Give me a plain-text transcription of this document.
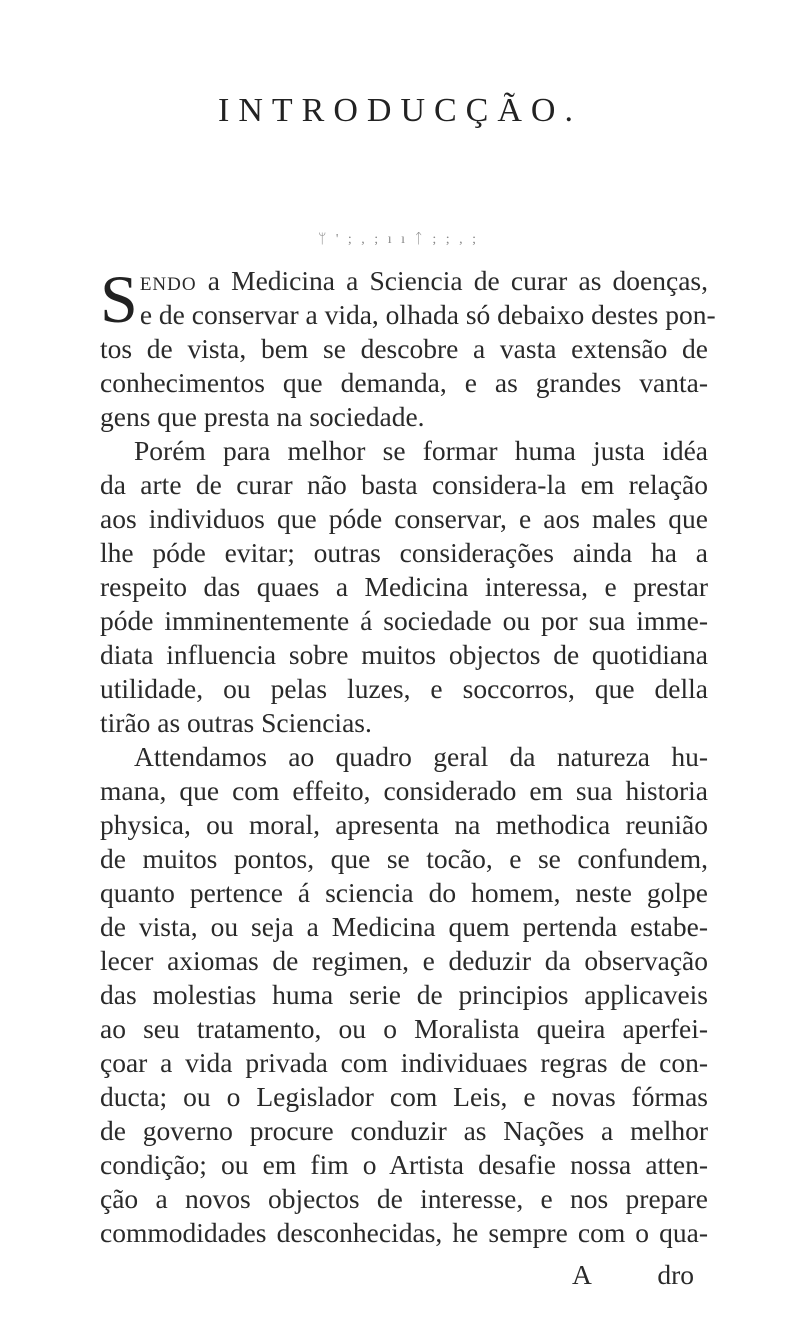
INTRODUCÇÃO.
ᛘ ' ; , ; ı ı ᛏ ; ; , ;
Sendo a Medicina a Sciencia de curar as doenças,
e de conservar a vida, olhada só debaixo destes pon-
tos de vista, bem se descobre a vasta extensão de
conhecimentos que demanda, e as grandes vanta-
gens que presta na sociedade.
Porém para melhor se formar huma justa idéa
da arte de curar não basta considera-la em relação
aos individuos que póde conservar, e aos males que
lhe póde evitar; outras considerações ainda ha a
respeito das quaes a Medicina interessa, e prestar
póde imminentemente á sociedade ou por sua imme-
diata influencia sobre muitos objectos de quotidiana
utilidade, ou pelas luzes, e soccorros, que della
tirão as outras Sciencias.
Attendamos ao quadro geral da natureza hu-
mana, que com effeito, considerado em sua historia
physica, ou moral, apresenta na methodica reunião
de muitos pontos, que se tocão, e se confundem,
quanto pertence á sciencia do homem, neste golpe
de vista, ou seja a Medicina quem pertenda estabe-
lecer axiomas de regimen, e deduzir da observação
das molestias huma serie de principios applicaveis
ao seu tratamento, ou o Moralista queira aperfei-
çoar a vida privada com individuaes regras de con-
ducta; ou o Legislador com Leis, e novas fórmas
de governo procure conduzir as Nações a melhor
condição; ou em fim o Artista desafie nossa atten-
ção a novos objectos de interesse, e nos prepare
commodidades desconhecidas, he sempre com o qua-
A dro
